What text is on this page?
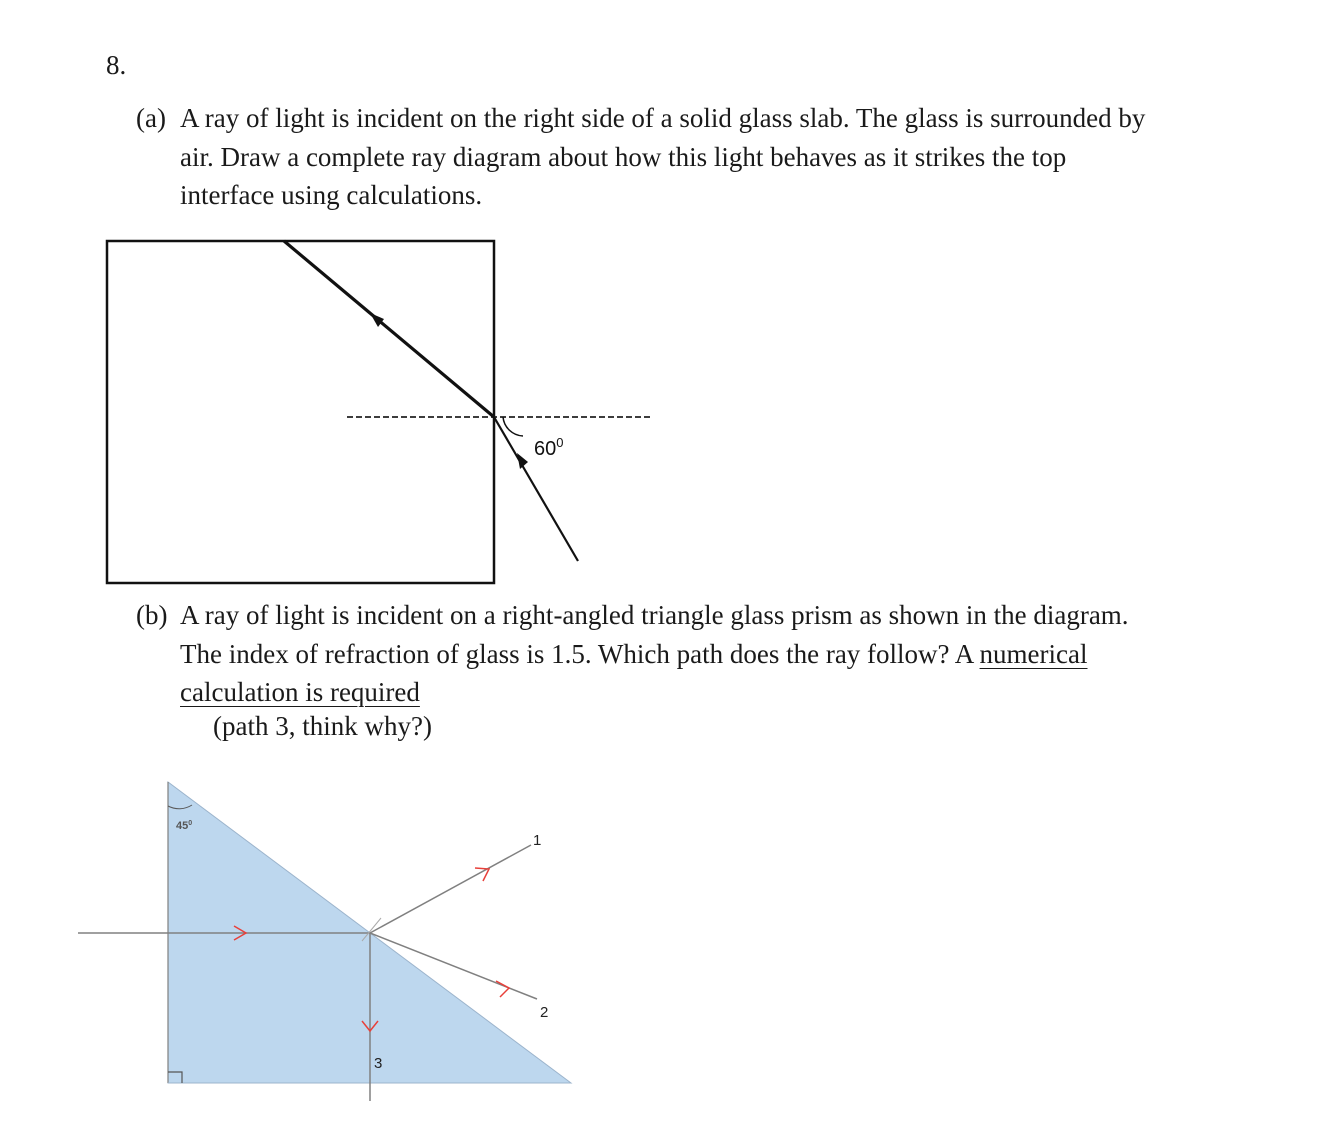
8.

(a) A ray of light is incident on the right side of a solid glass slab. The glass is surrounded by
air. Draw a complete ray diagram about how this light behaves as it strikes the top
interface using calculations.

(b) A ray of light is incident on a right-angled triangle glass prism as shown in the diagram.
The index of refraction of glass is 1.5. Which path does the ray follow? A numerical
calculation is required

(path 3, think why?)
$60^0$
$45^0$
1
2
3
